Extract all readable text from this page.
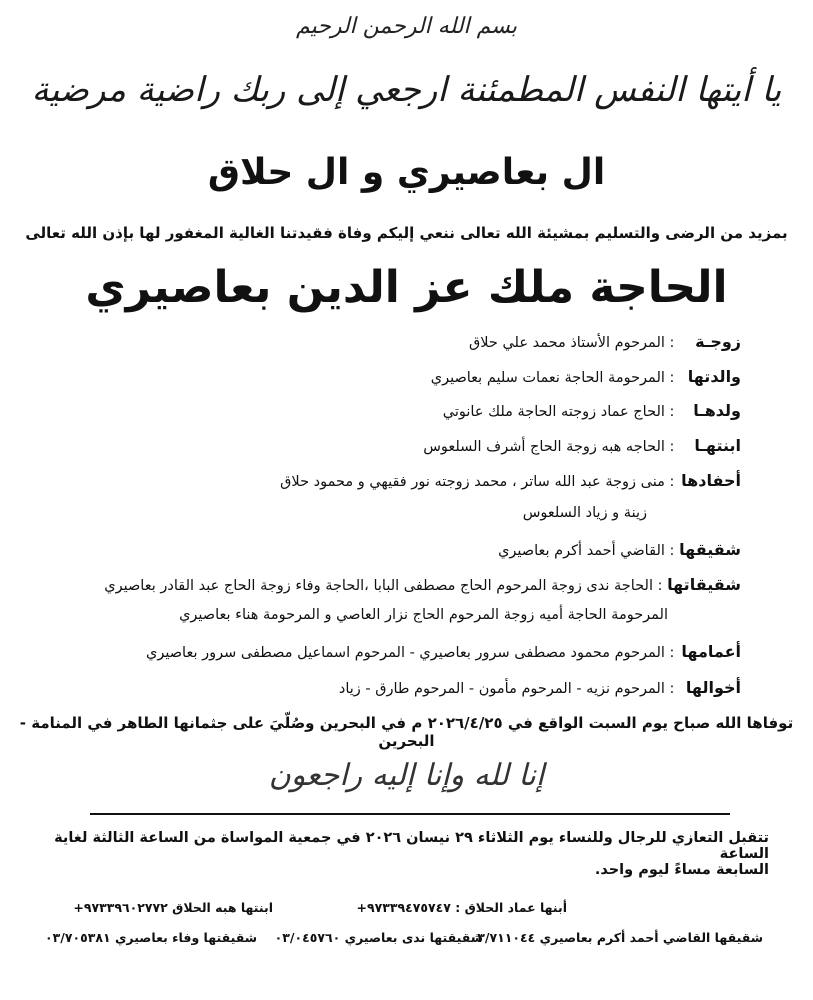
بسم الله الرحمن الرحيم
يا أيتها النفس المطمئنة ارجعي إلى ربك راضية مرضية
ال بعاصيري و ال حلاق
بمزيد من الرضى والتسليم بمشيئة الله تعالى ننعي إليكم وفاة فقيدتنا الغالية المغفور لها بإذن الله تعالى
الحاجة ملك عز الدين بعاصيري
زوجـة : المرحوم الأستاذ محمد علي حلاق
والدتها : المرحومة الحاجة نعمات سليم بعاصيري
ولدهـا : الحاج عماد زوجته الحاجة ملك عانوتي
ابنتهـا : الحاجه هبه زوجة الحاج أشرف السلعوس
أحفادها : منى زوجة عبد الله ساتر ، محمد زوجته نور فقيهي و محمود حلاق
زينة و زياد السلعوس
شقيقها : القاضي أحمد أكرم بعاصيري
شقيقاتها : الحاجة ندى زوجة المرحوم الحاج مصطفى البابا ،الحاجة وفاء زوجة الحاج عبد القادر بعاصيري
المرحومة الحاجة أميه زوجة المرحوم الحاج نزار العاصي و المرحومة هناء بعاصيري
أعمامها : المرحوم محمود مصطفى سرور بعاصيري - المرحوم اسماعيل مصطفى سرور بعاصيري
أخوالها : المرحوم نزيه - المرحوم مأمون - المرحوم طارق - زياد
توفاها الله صباح يوم السبت الواقع في ٢٠٢٦/٤/٢٥ م في البحرين وصُلّيَ على جثمانها الطاهر في المنامة - البحرين
إنا لله وإنا إليه راجعون
تتقبل التعازي للرجال وللنساء يوم الثلاثاء ٢٩ نيسان ٢٠٢٦ في جمعية المواساة من الساعة الثالثة لغاية الساعة
السابعة مساءً ليوم واحد.
أبنها عماد الحلاق : ٩٧٣٣٩٤٧٥٧٤٧+
ابنتها هبه الحلاق ٩٧٣٣٩٦٠٢٧٧٢+
شقيقها القاضي أحمد أكرم بعاصيري ٠٣/٧١١٠٤٤
شقيقتها ندى بعاصيري ٠٣/٠٤٥٧٦٠
شقيقتها وفاء بعاصيري ٠٣/٧٠٥٣٨١
